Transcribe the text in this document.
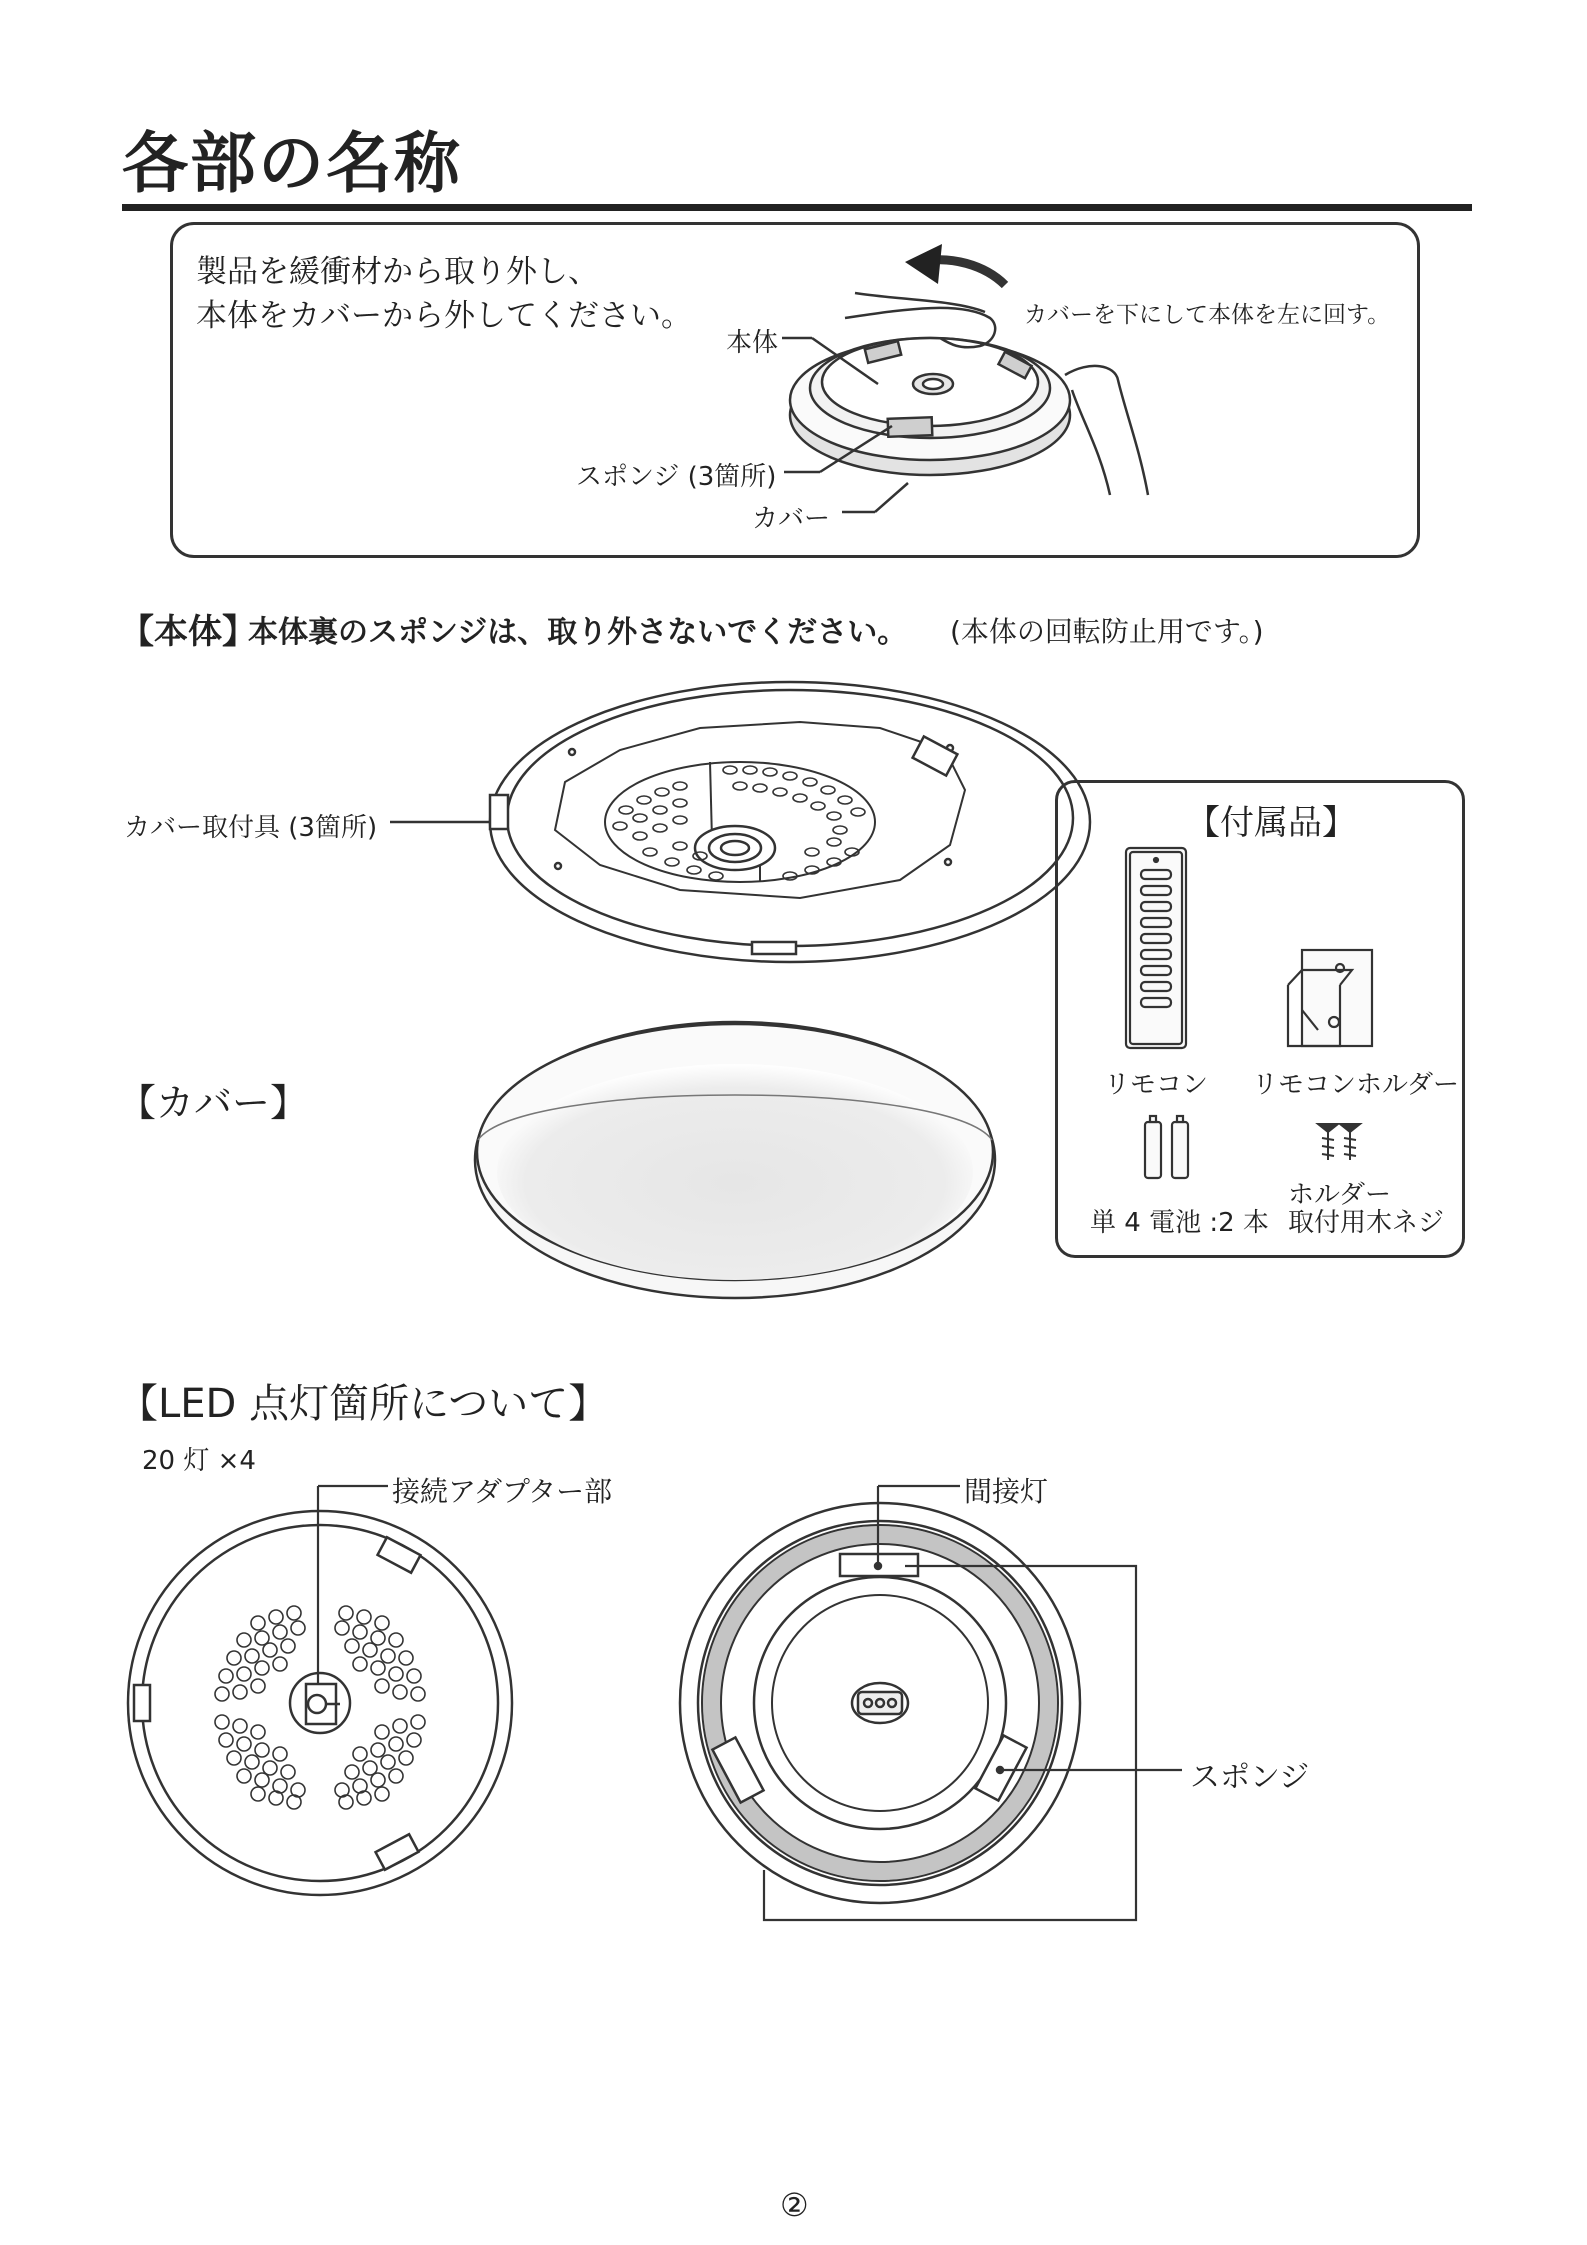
各部の名称
製品を緩衝材から取り外し、
本体をカバーから外してください。	カバーを下にして本体を左に回す。
本体
スポンジ (3箇所)
カバー
【本体】
本体裏のスポンジは、取り外さないでください。 (本体の回転防止用です。)
カバー取付具 (3箇所)
【カバー】
【付属品】
リモコン リモコンホルダー
単 4 電池 :2 本
ホルダー
取付用木ネジ
【LED 点灯箇所について】
20 灯 ×4
接続アダプター部	間接灯
スポンジ
②
